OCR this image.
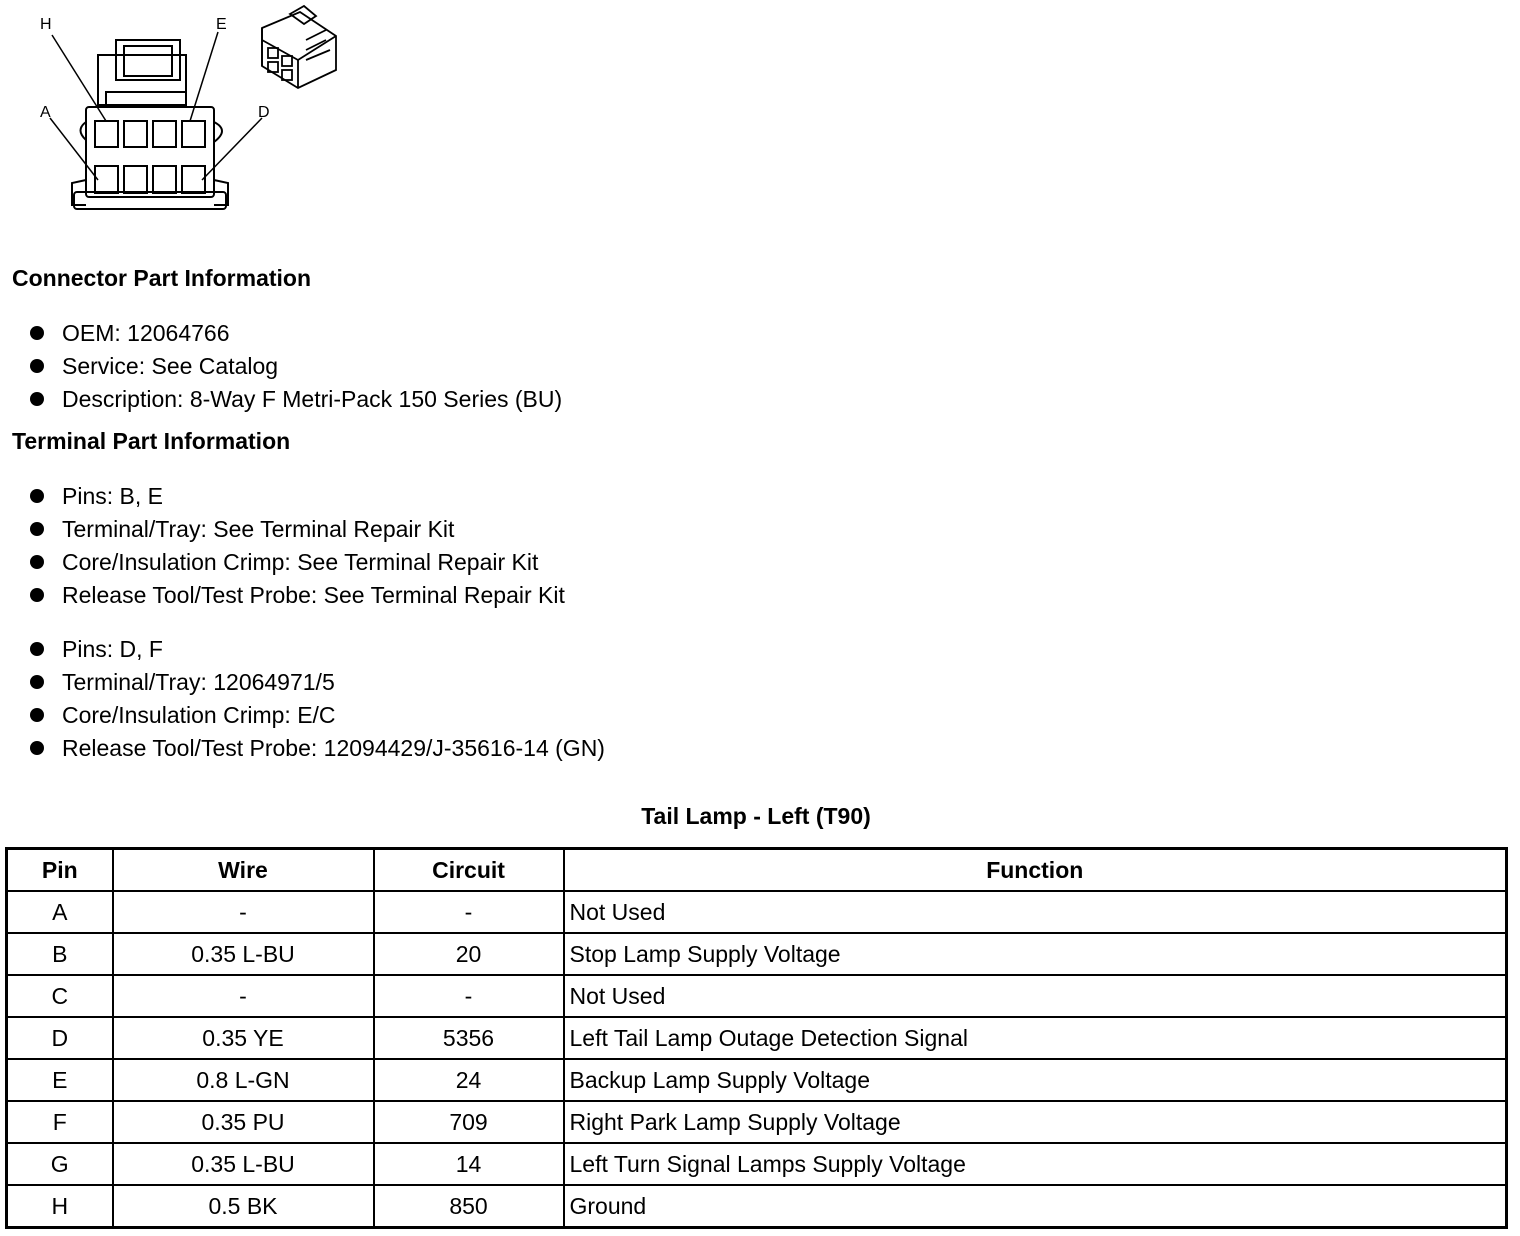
H	E
A	D
Connector Part Information
OEM: 12064766
Service: See Catalog
Description: 8-Way F Metri-Pack 150 Series (BU)
Terminal Part Information
Pins: B, E
Terminal/Tray: See Terminal Repair Kit
Core/Insulation Crimp: See Terminal Repair Kit
Release Tool/Test Probe: See Terminal Repair Kit
Pins: D, F
Terminal/Tray: 12064971/5
Core/Insulation Crimp: E/C
Release Tool/Test Probe: 12094429/J-35616-14 (GN)
Tail Lamp - Left (T90)
Pin	Wire	Circuit	Function
A	-	-	Not Used
B	0.35 L-BU	20	Stop Lamp Supply Voltage
C	-	-	Not Used
D	0.35 YE	5356	Left Tail Lamp Outage Detection Signal
E	0.8 L-GN	24	Backup Lamp Supply Voltage
F	0.35 PU	709	Right Park Lamp Supply Voltage
G	0.35 L-BU	14	Left Turn Signal Lamps Supply Voltage
H	0.5 BK	850	Ground
